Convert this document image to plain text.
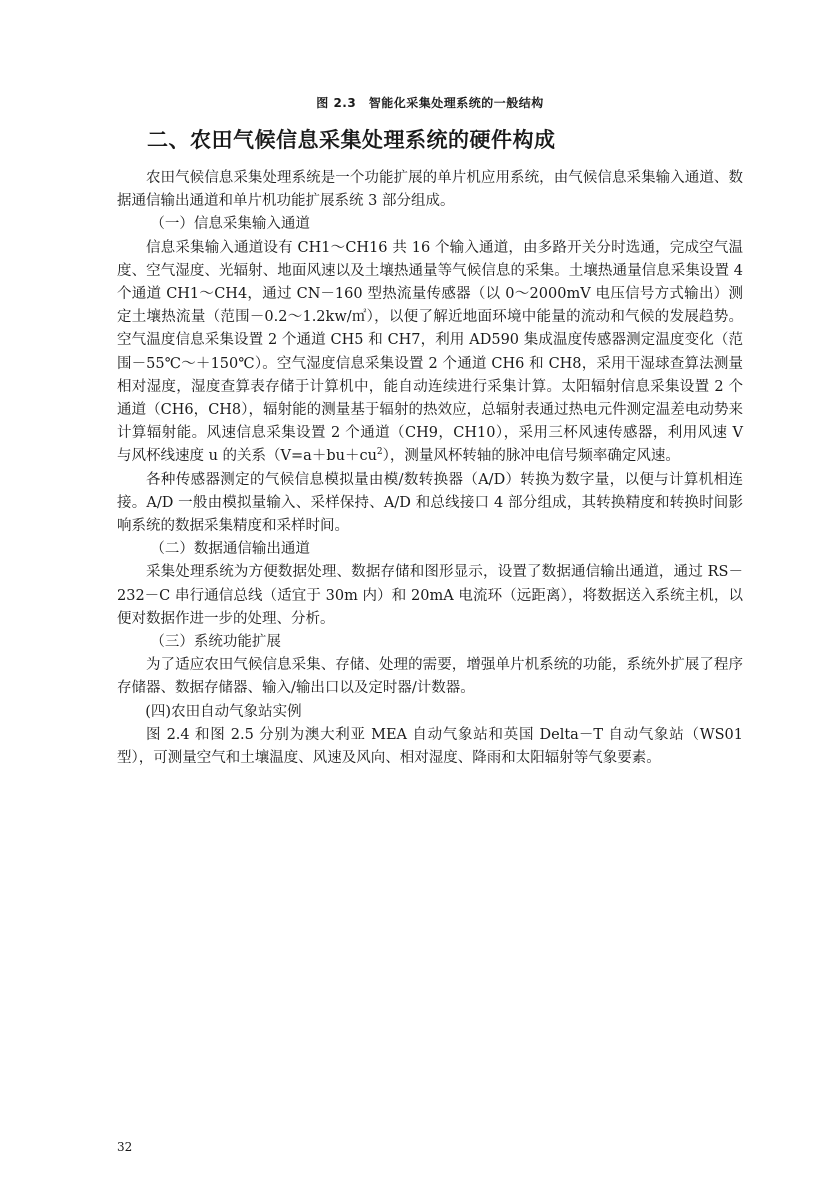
图 2.3　智能化采集处理系统的一般结构
二、农田气候信息采集处理系统的硬件构成

农田气候信息采集处理系统是一个功能扩展的单片机应用系统，由气候信息采集输入通道、数据通信输出通道和单片机功能扩展系统 3 部分组成。

（一）信息采集输入通道

信息采集输入通道设有 CH1～CH16 共 16 个输入通道，由多路开关分时选通，完成空气温度、空气湿度、光辐射、地面风速以及土壤热通量等气候信息的采集。土壤热通量信息采集设置 4 个通道 CH1～CH4，通过 CN－160 型热流量传感器（以 0～2000mV 电压信号方式输出）测定土壤热流量（范围－0.2～1.2kw/㎡），以便了解近地面环境中能量的流动和气候的发展趋势。空气温度信息采集设置 2 个通道 CH5 和 CH7，利用 AD590 集成温度传感器测定温度变化（范围－55℃～＋150℃）。空气湿度信息采集设置 2 个通道 CH6 和 CH8，采用干湿球查算法测量相对湿度，湿度查算表存储于计算机中，能自动连续进行采集计算。太阳辐射信息采集设置 2 个通道（CH6，CH8），辐射能的测量基于辐射的热效应，总辐射表通过热电元件测定温差电动势来计算辐射能。风速信息采集设置 2 个通道（CH9，CH10），采用三杯风速传感器，利用风速 V 与风杯线速度 u 的关系$(V=a+bu+cu^2)$，测量风杯转轴的脉冲电信号频率确定风速。

各种传感器测定的气候信息模拟量由模/数转换器（A/D）转换为数字量，以便与计算机相连接。A/D 一般由模拟量输入、采样保持、A/D 和总线接口 4 部分组成，其转换精度和转换时间影响系统的数据采集精度和采样时间。

（二）数据通信输出通道

采集处理系统为方便数据处理、数据存储和图形显示，设置了数据通信输出通道，通过 RS－232－C 串行通信总线（适宜于 30m 内）和 20mA 电流环（远距离），将数据送入系统主机，以便对数据作进一步的处理、分析。

（三）系统功能扩展

为了适应农田气候信息采集、存储、处理的需要，增强单片机系统的功能，系统外扩展了程序存储器、数据存储器、输入/输出口以及定时器/计数器。

(四)农田自动气象站实例

图 2.4 和图 2.5 分别为澳大利亚 MEA 自动气象站和英国 Delta－T 自动气象站（WS01 型），可测量空气和土壤温度、风速及风向、相对湿度、降雨和太阳辐射等气象要素。

32
